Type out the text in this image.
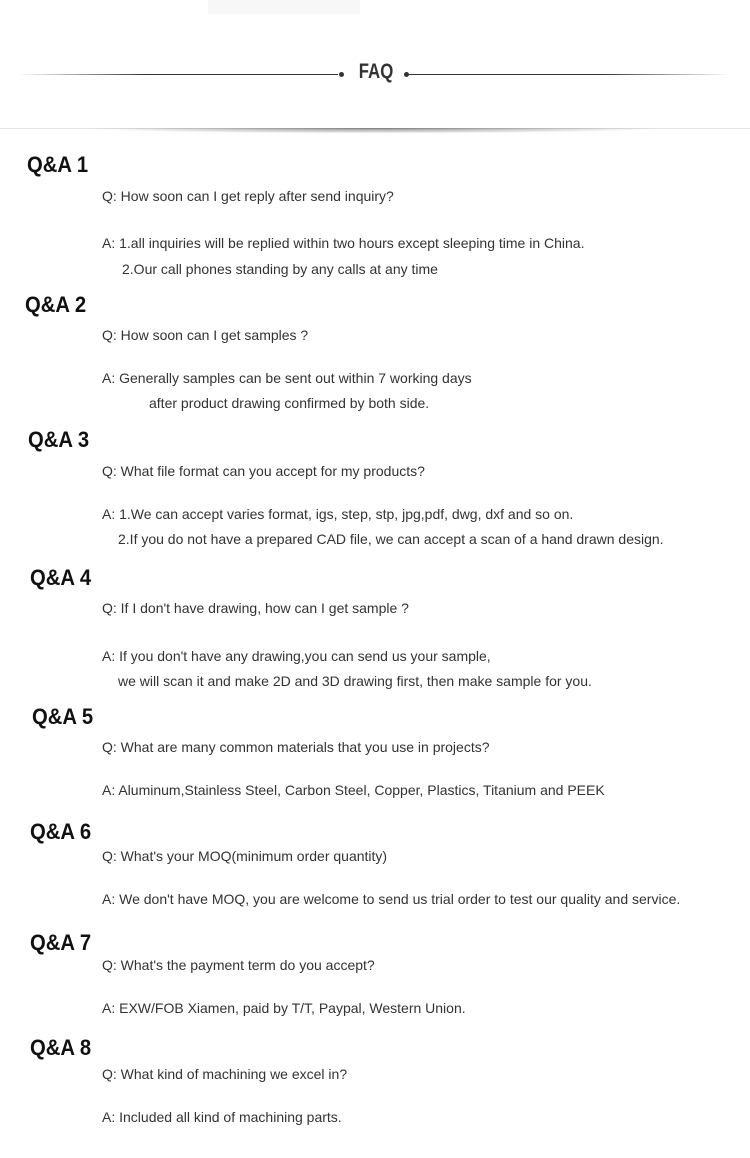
FAQ
Q&A 1
Q: How soon can I get reply after send inquiry?
A: 1.all inquiries will be replied within two hours except sleeping time in China.
2.Our call phones standing by any calls at any time
Q&A 2
Q: How soon can I get samples ?
A: Generally samples can be sent out within 7 working days
after product drawing confirmed by both side.
Q&A 3
Q: What file format can you accept for my products?
A: 1.We can accept varies format, igs, step, stp, jpg,pdf, dwg, dxf and so on.
2.If you do not have a prepared CAD file, we can accept a scan of a hand drawn design.
Q&A 4
Q: If I don't have drawing, how can I get sample ?
A: If you don't have any drawing,you can send us your sample,
we will scan it and make 2D and 3D drawing first, then make sample for you.
Q&A 5
Q: What are many common materials that you use in projects?
A: Aluminum,Stainless Steel, Carbon Steel, Copper, Plastics, Titanium and PEEK
Q&A 6
Q: What's your MOQ(minimum order quantity)
A: We don't have MOQ, you are welcome to send us trial order to test our quality and service.
Q&A 7
Q: What's the payment term do you accept?
A: EXW/FOB Xiamen, paid by T/T, Paypal, Western Union.
Q&A 8
Q: What kind of machining we excel in?
A: Included all kind of machining parts.
